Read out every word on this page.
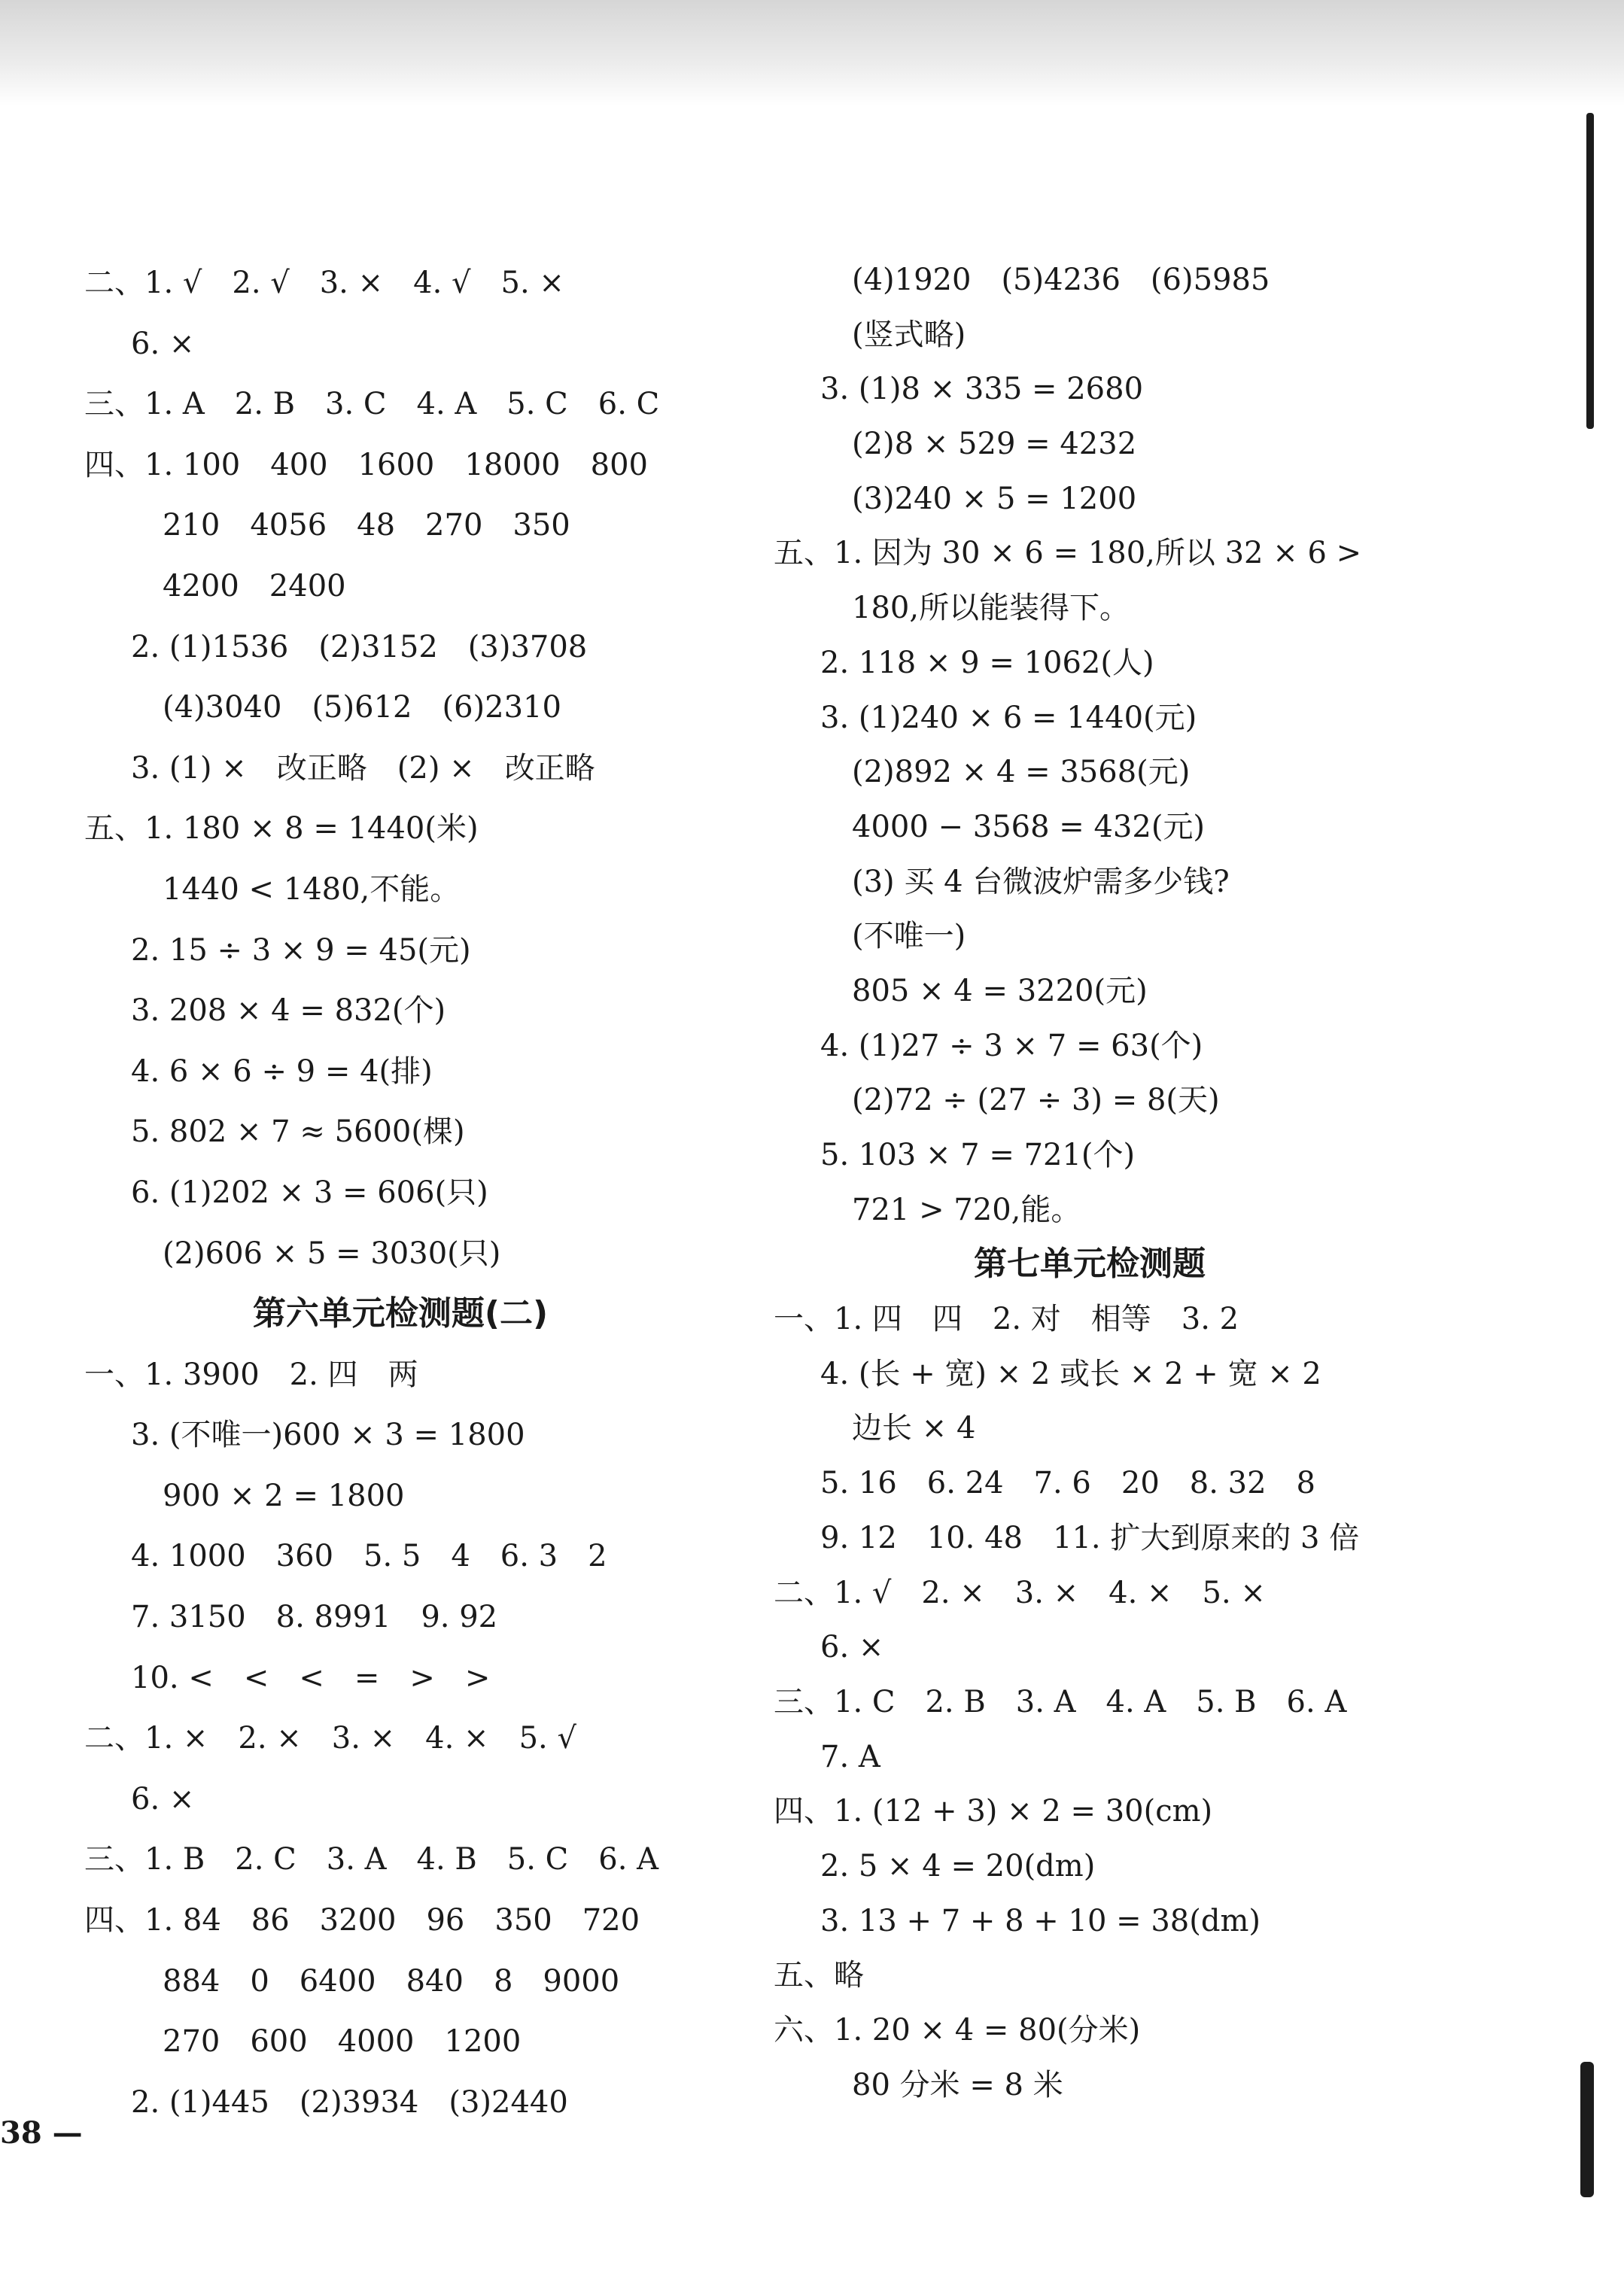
二、1. √　2. √　3. ×　4. √　5. ×
6. ×
三、1. A　2. B　3. C　4. A　5. C　6. C
四、1. 100　400　1600　18000　800
210　4056　48　270　350
4200　2400
2. (1)1536　(2)3152　(3)3708
(4)3040　(5)612　(6)2310
3. (1) ×　改正略　(2) ×　改正略
五、1. 180 × 8 = 1440(米)
1440 < 1480,不能。
2. 15 ÷ 3 × 9 = 45(元)
3. 208 × 4 = 832(个)
4. 6 × 6 ÷ 9 = 4(排)
5. 802 × 7 ≈ 5600(棵)
6. (1)202 × 3 = 606(只)
(2)606 × 5 = 3030(只)
第六单元检测题(二)
一、1. 3900　2. 四　两
3. (不唯一)600 × 3 = 1800
900 × 2 = 1800
4. 1000　360　5. 5　4　6. 3　2
7. 3150　8. 8991　9. 92
10. <　<　<　=　>　>
二、1. ×　2. ×　3. ×　4. ×　5. √
6. ×
三、1. B　2. C　3. A　4. B　5. C　6. A
四、1. 84　86　3200　96　350　720
884　0　6400　840　8　9000
270　600　4000　1200
2. (1)445　(2)3934　(3)2440
(4)1920　(5)4236　(6)5985
(竖式略)
3. (1)8 × 335 = 2680
(2)8 × 529 = 4232
(3)240 × 5 = 1200
五、1. 因为 30 × 6 = 180,所以 32 × 6 >
180,所以能装得下。
2. 118 × 9 = 1062(人)
3. (1)240 × 6 = 1440(元)
(2)892 × 4 = 3568(元)
4000 − 3568 = 432(元)
(3) 买 4 台微波炉需多少钱?
(不唯一)
805 × 4 = 3220(元)
4. (1)27 ÷ 3 × 7 = 63(个)
(2)72 ÷ (27 ÷ 3) = 8(天)
5. 103 × 7 = 721(个)
721 > 720,能。
第七单元检测题
一、1. 四　四　2. 对　相等　3. 2
4. (长 + 宽) × 2 或长 × 2 + 宽 × 2
边长 × 4
5. 16　6. 24　7. 6　20　8. 32　8
9. 12　10. 48　11. 扩大到原来的 3 倍
二、1. √　2. ×　3. ×　4. ×　5. ×
6. ×
三、1. C　2. B　3. A　4. A　5. B　6. A
7. A
四、1. (12 + 3) × 2 = 30(cm)
2. 5 × 4 = 20(dm)
3. 13 + 7 + 8 + 10 = 38(dm)
五、略
六、1. 20 × 4 = 80(分米)
80 分米 = 8 米
38 —
